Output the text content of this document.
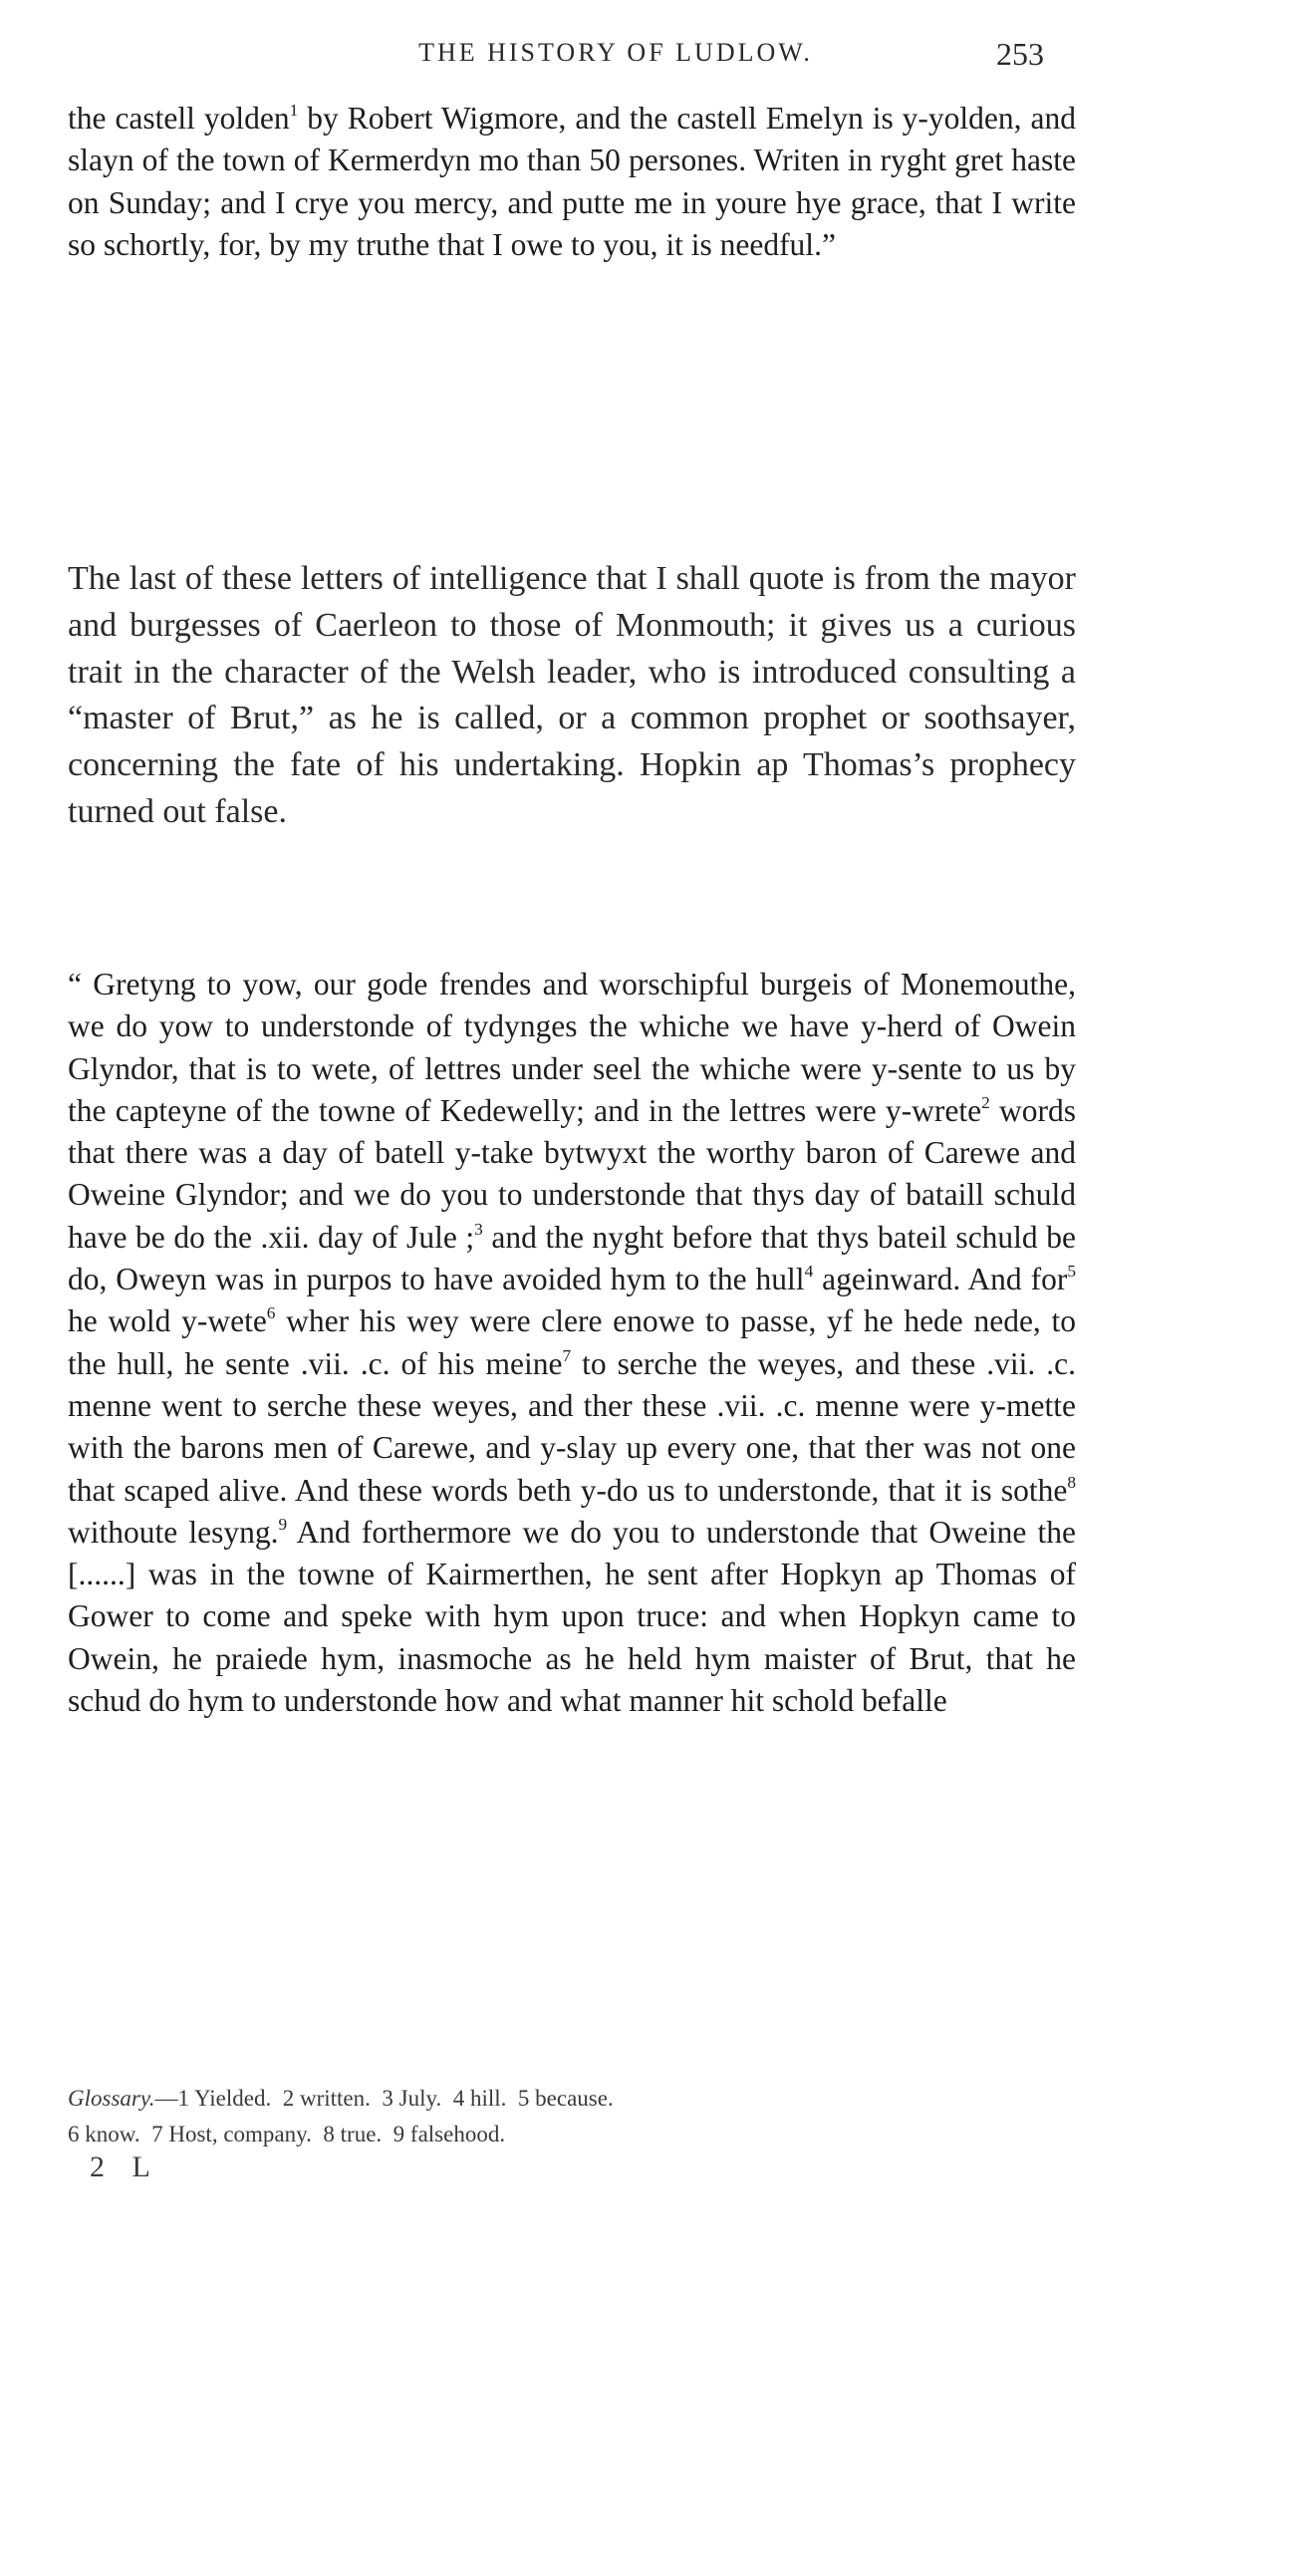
THE HISTORY OF LUDLOW.	253

the castell yolden$^1$ by Robert Wigmore, and the castell Emelyn is y-yolden, and slayn of the town of Kermerdyn mo than 50 persones. Writen in ryght gret haste on Sunday; and I crye you mercy, and putte me in youre hye grace, that I write so schortly, for, by my truthe that I owe to you, it is needful.”

The last of these letters of intelligence that I shall quote is from the mayor and burgesses of Caerleon to those of Monmouth; it gives us a curious trait in the character of the Welsh leader, who is introduced consulting a “master of Brut,” as he is called, or a common prophet or soothsayer, concerning the fate of his undertaking. Hopkin ap Thomas’s prophecy turned out false.

“ Gretyng to yow, our gode frendes and worschipful burgeis of Monemouthe, we do yow to understonde of tydynges the whiche we have y-herd of Owein Glyndor, that is to wete, of lettres under seel the whiche were y-sente to us by the capteyne of the towne of Kedewelly; and in the lettres were y-wrete$^2$ words that there was a day of batell y-take bytwyxt the worthy baron of Carewe and Oweine Glyndor; and we do you to understonde that thys day of bataill schuld have be do the .xii. day of Jule ;$^3$ and the nyght before that thys bateil schuld be do, Oweyn was in purpos to have avoided hym to the hull$^4$ ageinward. And for$^5$ he wold y-wete$^6$ wher his wey were clere enowe to passe, yf he hede nede, to the hull, he sente .vii. .c. of his meine$^7$ to serche the weyes, and these .vii. .c. menne went to serche these weyes, and ther these .vii. .c. menne were y-mette with the barons men of Carewe, and y-slay up every one, that ther was not one that scaped alive. And these words beth y-do us to understonde, that it is sothe$^8$ withoute lesyng.$^9$ And forthermore we do you to understonde that Oweine the [......] was in the towne of Kairmerthen, he sent after Hopkyn ap Thomas of Gower to come and speke with hym upon truce: and when Hopkyn came to Owein, he praiede hym, inasmoche as he held hym maister of Brut, that he schud do hym to understonde how and what manner hit schold befalle

Glossary.—1 Yielded. 2 written. 3 July. 4 hill. 5 because.
6 know. 7 Host, company. 8 true. 9 falsehood.
2 L
